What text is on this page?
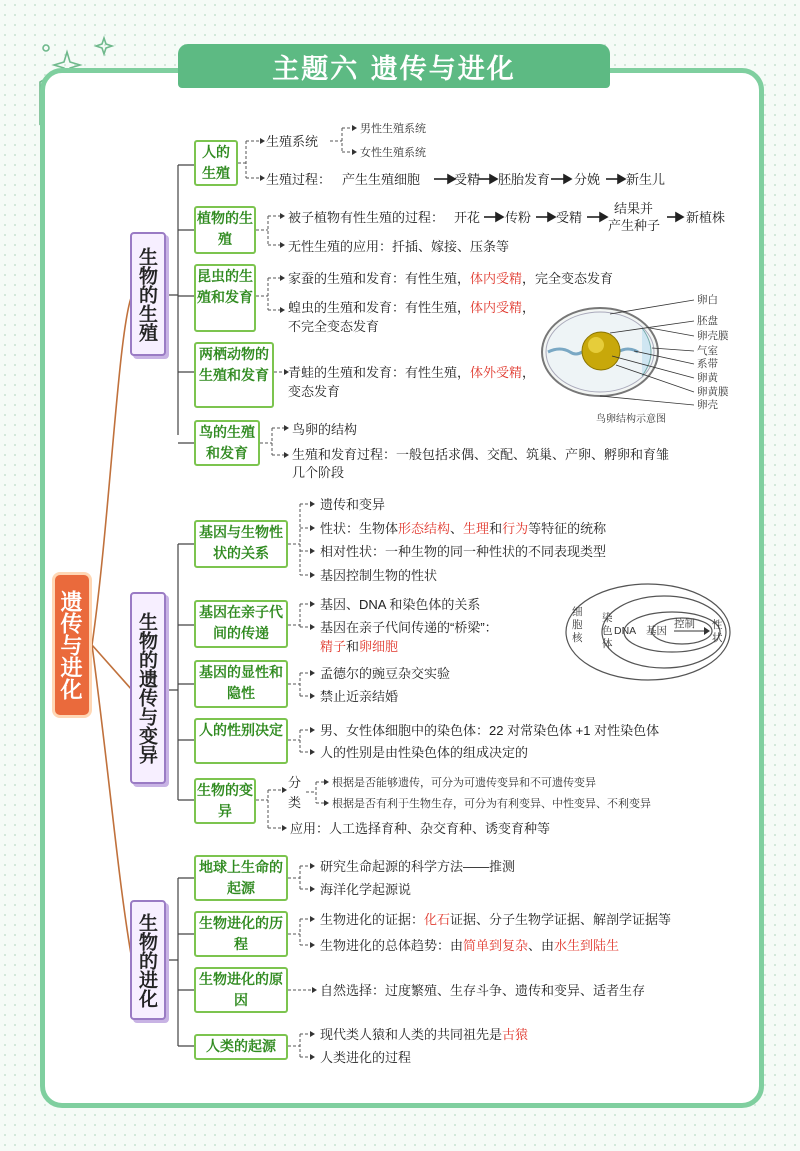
主题六 遗传与进化
遗传与进化
生物的生殖
生物的遗传与变异
生物的进化
人的生殖
植物的生殖
昆虫的生殖和发育
两栖动物的生殖和发育
鸟的生殖和发育
基因与生物性状的关系
基因在亲子代间的传递
基因的显性和隐性
人的性别决定
生物的变异
地球上生命的起源
生物进化的历程
生物进化的原因
人类的起源
生殖系统
男性生殖系统
女性生殖系统
生殖过程： 产生生殖细胞	受精 胚胎发育 分娩 新生儿
被子植物有性生殖的过程： 开花 传粉 受精
结果并
产生种子
新植株
无性生殖的应用：扦插、嫁接、压条等
家蚕的生殖和发育：有性生殖，体内受精，完全变态发育
蝗虫的生殖和发育：有性生殖，体内受精，
不完全变态发育
青蛙的生殖和发育：有性生殖，体外受精，
变态发育
鸟卵的结构
生殖和发育过程：一般包括求偶、交配、筑巢、产卵、孵卵和育雏
几个阶段
卵白
胚盘
卵壳膜
气室
系带
卵黄
卵黄膜
卵壳
鸟卵结构示意图
遗传和变异
性状：生物体形态结构、生理和行为等特征的统称
相对性状：一种生物的同一种性状的不同表现类型
基因控制生物的性状
基因、DNA 和染色体的关系
基因在亲子代间传递的“桥梁”：
精子和卵细胞
细胞核
染色体
DNA 基因
控制 性状
孟德尔的豌豆杂交实验
禁止近亲结婚
男、女性体细胞中的染色体：22 对常染色体 +1 对性染色体
人的性别是由性染色体的组成决定的
分
类
根据是否能够遗传，可分为可遗传变异和不可遗传变异
根据是否有利于生物生存，可分为有利变异、中性变异、不利变异
应用：人工选择育种、杂交育种、诱变育种等
研究生命起源的科学方法——推测
海洋化学起源说
生物进化的证据：化石证据、分子生物学证据、解剖学证据等
生物进化的总体趋势：由简单到复杂、由水生到陆生
自然选择：过度繁殖、生存斗争、遗传和变异、适者生存
现代类人猿和人类的共同祖先是古猿
人类进化的过程
